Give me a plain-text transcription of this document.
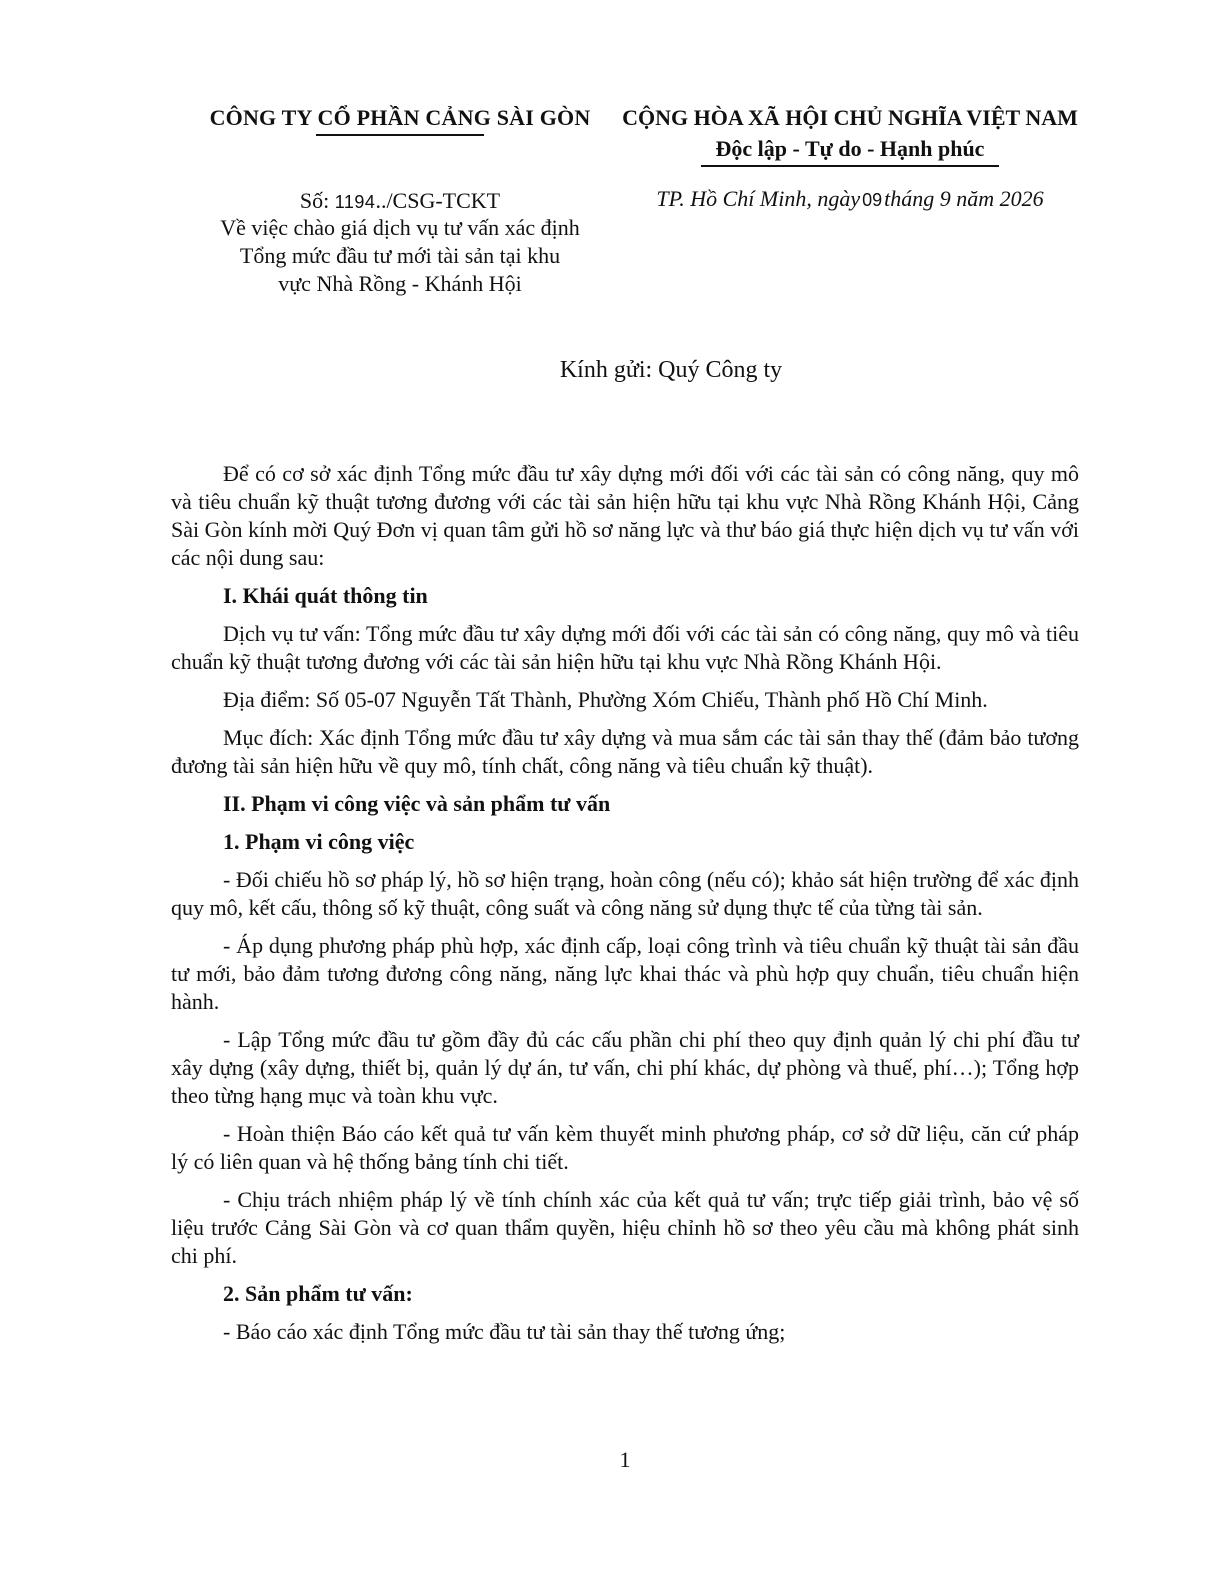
CÔNG TY CỔ PHẦN CẢNG SÀI GÒN	CỘNG HÒA XÃ HỘI CHỦ NGHĨA VIỆT NAM
Độc lập - Tự do - Hạnh phúc
Số: 1194../CSG-TCKT
Về việc chào giá dịch vụ tư vấn xác định
Tổng mức đầu tư mới tài sản tại khu
vực Nhà Rồng - Khánh Hội
TP. Hồ Chí Minh, ngày 09tháng 9 năm 2026
Kính gửi: Quý Công ty

Để có cơ sở xác định Tổng mức đầu tư xây dựng mới đối với các tài sản có công năng, quy mô và tiêu chuẩn kỹ thuật tương đương với các tài sản hiện hữu tại khu vực Nhà Rồng Khánh Hội, Cảng Sài Gòn kính mời Quý Đơn vị quan tâm gửi hồ sơ năng lực và thư báo giá thực hiện dịch vụ tư vấn với các nội dung sau:

I. Khái quát thông tin

Dịch vụ tư vấn: Tổng mức đầu tư xây dựng mới đối với các tài sản có công năng, quy mô và tiêu chuẩn kỹ thuật tương đương với các tài sản hiện hữu tại khu vực Nhà Rồng Khánh Hội.

Địa điểm: Số 05-07 Nguyễn Tất Thành, Phường Xóm Chiếu, Thành phố Hồ Chí Minh.

Mục đích: Xác định Tổng mức đầu tư xây dựng và mua sắm các tài sản thay thế (đảm bảo tương đương tài sản hiện hữu về quy mô, tính chất, công năng và tiêu chuẩn kỹ thuật).

II. Phạm vi công việc và sản phẩm tư vấn

1. Phạm vi công việc

- Đối chiếu hồ sơ pháp lý, hồ sơ hiện trạng, hoàn công (nếu có); khảo sát hiện trường để xác định quy mô, kết cấu, thông số kỹ thuật, công suất và công năng sử dụng thực tế của từng tài sản.

- Áp dụng phương pháp phù hợp, xác định cấp, loại công trình và tiêu chuẩn kỹ thuật tài sản đầu tư mới, bảo đảm tương đương công năng, năng lực khai thác và phù hợp quy chuẩn, tiêu chuẩn hiện hành.

- Lập Tổng mức đầu tư gồm đầy đủ các cấu phần chi phí theo quy định quản lý chi phí đầu tư xây dựng (xây dựng, thiết bị, quản lý dự án, tư vấn, chi phí khác, dự phòng và thuế, phí…); Tổng hợp theo từng hạng mục và toàn khu vực.

- Hoàn thiện Báo cáo kết quả tư vấn kèm thuyết minh phương pháp, cơ sở dữ liệu, căn cứ pháp lý có liên quan và hệ thống bảng tính chi tiết.

- Chịu trách nhiệm pháp lý về tính chính xác của kết quả tư vấn; trực tiếp giải trình, bảo vệ số liệu trước Cảng Sài Gòn và cơ quan thẩm quyền, hiệu chỉnh hồ sơ theo yêu cầu mà không phát sinh chi phí.

2. Sản phẩm tư vấn:

- Báo cáo xác định Tổng mức đầu tư tài sản thay thế tương ứng;

1
